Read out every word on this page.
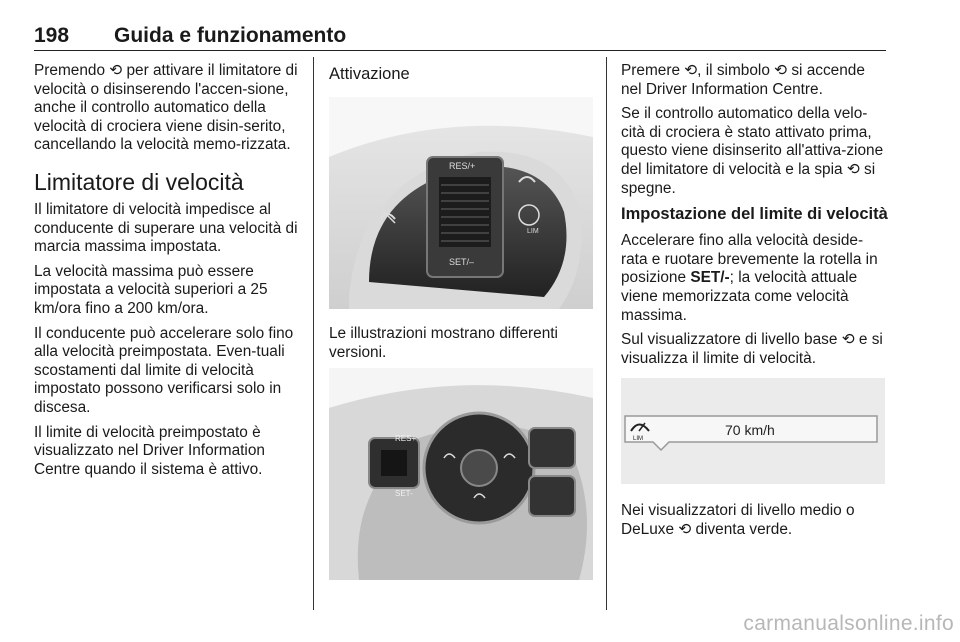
198 Guida e funzionamento

Premendo ⟲ per attivare il limitatore di velocità o disinserendo l'accen-sione, anche il controllo automatico della velocità di crociera viene disin-serito, cancellando la velocità memo-rizzata.

Limitatore di velocità

Il limitatore di velocità impedisce al conducente di superare una velocità di marcia massima impostata.

La velocità massima può essere impostata a velocità superiori a 25 km/ora fino a 200 km/ora.

Il conducente può accelerare solo fino alla velocità preimpostata. Even-tuali scostamenti dal limite di velocità impostato possono verificarsi solo in discesa.

Il limite di velocità preimpostato è visualizzato nel Driver Information Centre quando il sistema è attivo.

Attivazione
RES/+
SET/–
LIM

Le illustrazioni mostrano differenti versioni.

RES+
SET-

Premere ⟲, il simbolo ⟲ si accende nel Driver Information Centre.

Se il controllo automatico della velo-cità di crociera è stato attivato prima, questo viene disinserito all'attiva-zione del limitatore di velocità e la spia ⟲ si spegne.

Impostazione del limite di velocità

Accelerare fino alla velocità deside-rata e ruotare brevemente la rotella in posizione SET/-; la velocità attuale viene memorizzata come velocità massima.

Sul visualizzatore di livello base ⟲ e si visualizza il limite di velocità.

LIM
70 km/h

Nei visualizzatori di livello medio o DeLuxe ⟲ diventa verde.

carmanualsonline.info
